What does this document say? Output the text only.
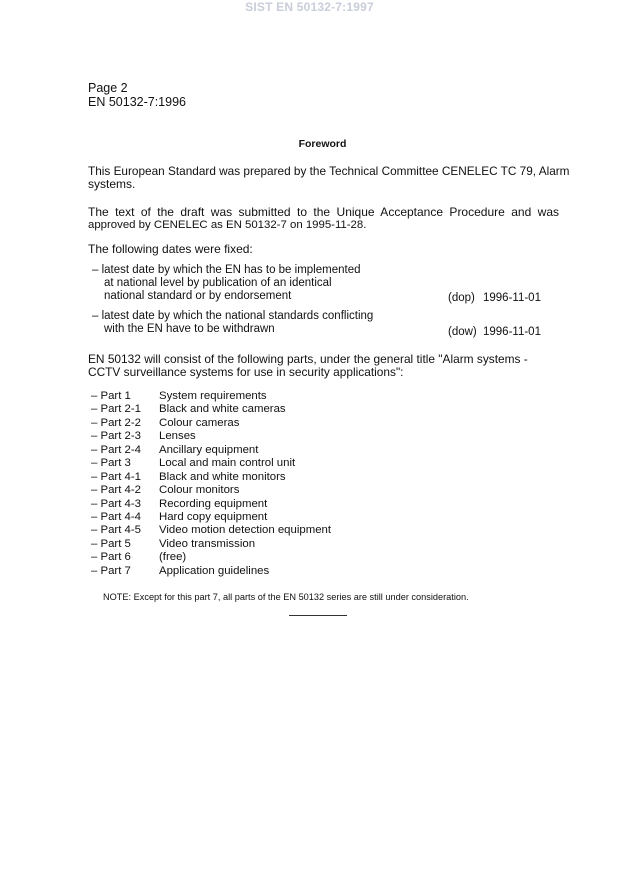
SIST EN 50132-7:1997
Page 2
EN 50132-7:1996
Foreword
This European Standard was prepared by the Technical Committee CENELEC TC 79, Alarm
systems.
The text of the draft was submitted to the Unique Acceptance Procedure and was
approved by CENELEC as EN 50132-7 on 1995-11-28.
The following dates were fixed:
– latest date by which the EN has to be implemented
at national level by publication of an identical
national standard or by endorsement	(dop) 1996-11-01
– latest date by which the national standards conflicting
with the EN have to be withdrawn	(dow) 1996-11-01
EN 50132 will consist of the following parts, under the general title "Alarm systems -
CCTV surveillance systems for use in security applications":
– Part 1 System requirements
– Part 2-1 Black and white cameras
– Part 2-2 Colour cameras
– Part 2-3 Lenses
– Part 2-4 Ancillary equipment
– Part 3 Local and main control unit
– Part 4-1 Black and white monitors
– Part 4-2 Colour monitors
– Part 4-3 Recording equipment
– Part 4-4 Hard copy equipment
– Part 4-5 Video motion detection equipment
– Part 5 Video transmission
– Part 6 (free)
– Part 7 Application guidelines
NOTE: Except for this part 7, all parts of the EN 50132 series are still under consideration.
